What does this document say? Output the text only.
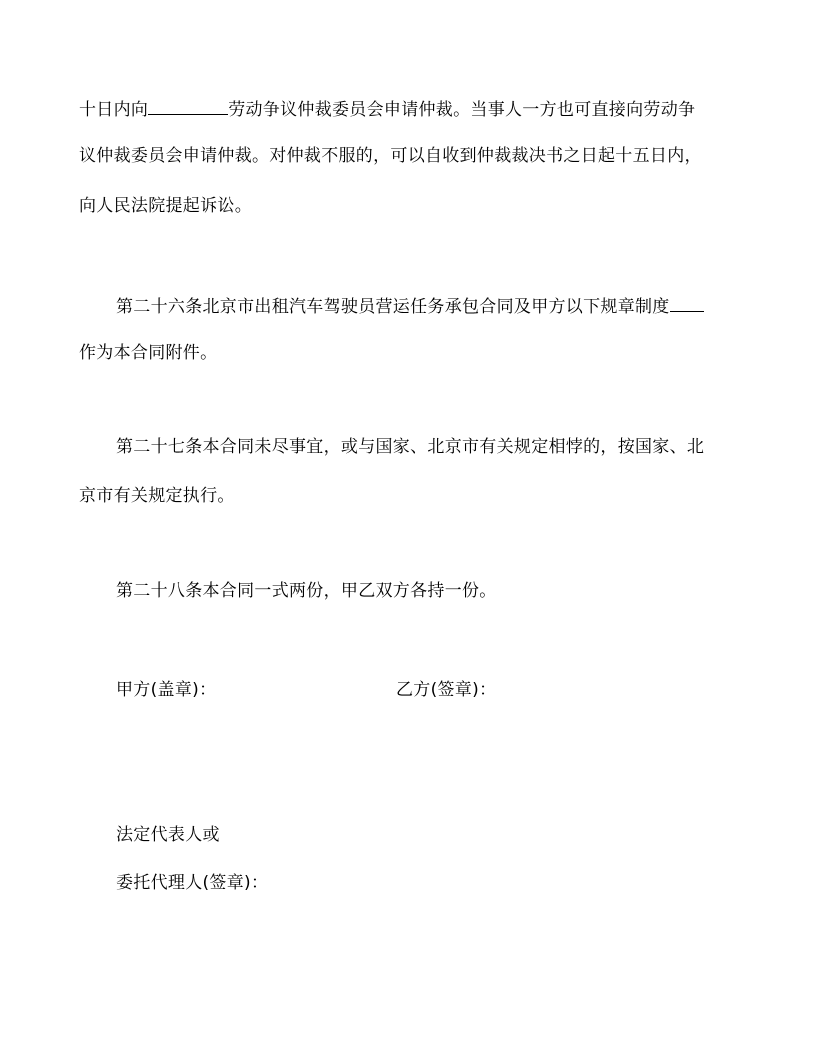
十日内向	劳动争议仲裁委员会申请仲裁。当事人一方也可直接向劳动争
议仲裁委员会申请仲裁。对仲裁不服的，可以自收到仲裁裁决书之日起十五日内，
向人民法院提起诉讼。
第二十六条北京市出租汽车驾驶员营运任务承包合同及甲方以下规章制度
作为本合同附件。
第二十七条本合同未尽事宜，或与国家、北京市有关规定相悖的，按国家、北
京市有关规定执行。
第二十八条本合同一式两份，甲乙双方各持一份。
甲方(盖章)：	乙方(签章)：
法定代表人或
委托代理人(签章)：
